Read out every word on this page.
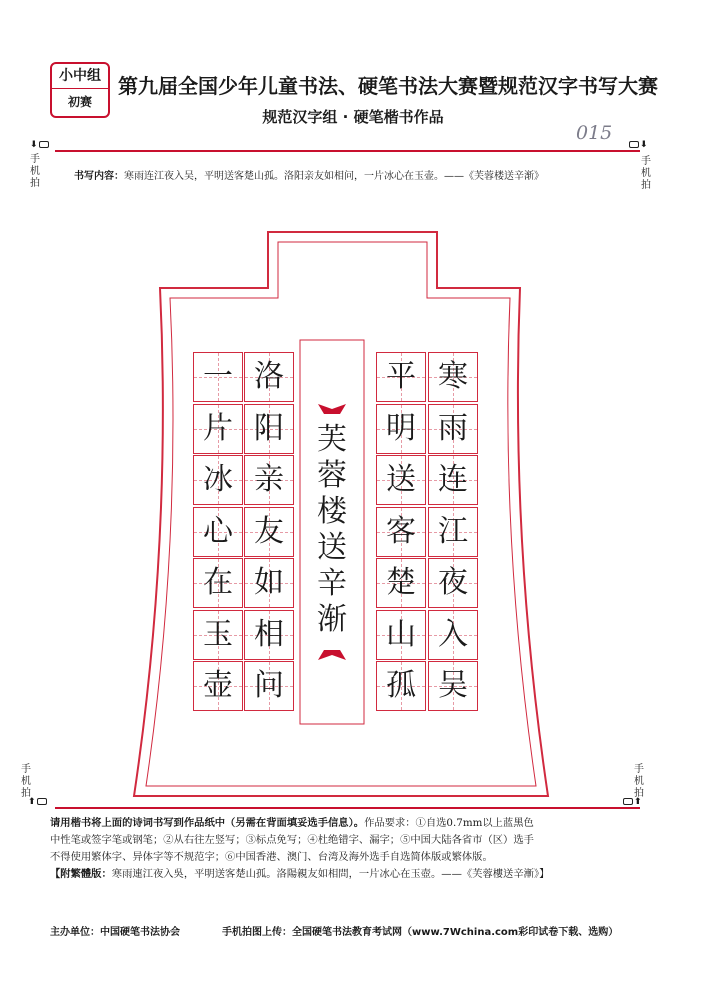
小中组
初赛
第九届全国少年儿童书法、硬笔书法大赛暨规范汉字书写大赛
规范汉字组 · 硬笔楷书作品
015
⬇
手机拍
⬇
手机拍
手机拍
⬆
手机拍
⬆
书写内容：寒雨连江夜入吴，平明送客楚山孤。洛阳亲友如相问，一片冰心在玉壶。——《芙蓉楼送辛渐》
寒
雨
连
江
夜
入
吴
平
明
送
客
楚
山
孤
洛
阳
亲
友
如
相
问
一
片
冰
心
在
玉
壶
芙
蓉
楼
送
辛
渐

请用楷书将上面的诗词书写到作品纸中（另需在背面填妥选手信息）。作品要求：①自选0.7mm以上蓝黑色

中性笔或签字笔或钢笔；②从右往左竖写；③标点免写；④杜绝错字、漏字；⑤中国大陆各省市（区）选手

不得使用繁体字、异体字等不规范字；⑥中国香港、澳门、台湾及海外选手自选简体版或繁体版。

【附繁體版：寒雨連江夜入吳，平明送客楚山孤。洛陽親友如相問，一片冰心在玉壺。——《芙蓉樓送辛漸》】

主办单位：中国硬笔书法协会	手机拍图上传：全国硬笔书法教育考试网（www.7Wchina.com彩印试卷下载、选购）
